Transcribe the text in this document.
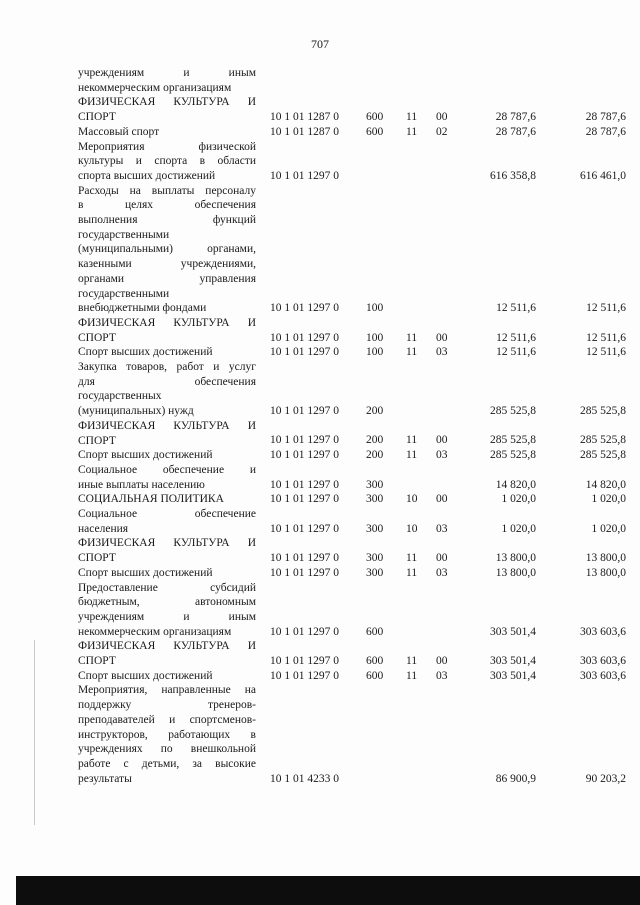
707
учреждениям и иным
некоммерческим организациям
ФИЗИЧЕСКАЯ КУЛЬТУРА И
СПОРТ	10 1 01 1287 0 600 11 00	28 787,6	28 787,6
Массовый спорт	10 1 01 1287 0 600 11 02	28 787,6	28 787,6
Мероприятия физической
культуры и спорта в области
спорта высших достижений	10 1 01 1297 0	616 358,8	616 461,0
Расходы на выплаты персоналу
в целях обеспечения
выполнения функций
государственными
(муниципальными) органами,
казенными учреждениями,
органами управления
государственными
внебюджетными фондами	10 1 01 1297 0 100	12 511,6	12 511,6
ФИЗИЧЕСКАЯ КУЛЬТУРА И
СПОРТ	10 1 01 1297 0 100 11 00	12 511,6	12 511,6
Спорт высших достижений	10 1 01 1297 0 100 11 03	12 511,6	12 511,6
Закупка товаров, работ и услуг
для обеспечения
государственных
(муниципальных) нужд	10 1 01 1297 0 200	285 525,8	285 525,8
ФИЗИЧЕСКАЯ КУЛЬТУРА И
СПОРТ	10 1 01 1297 0 200 11 00	285 525,8	285 525,8
Спорт высших достижений	10 1 01 1297 0 200 11 03	285 525,8	285 525,8
Социальное обеспечение и
иные выплаты населению	10 1 01 1297 0 300	14 820,0	14 820,0
СОЦИАЛЬНАЯ ПОЛИТИКА	10 1 01 1297 0 300 10 00	1 020,0	1 020,0
Социальное обеспечение
населения	10 1 01 1297 0 300 10 03	1 020,0	1 020,0
ФИЗИЧЕСКАЯ КУЛЬТУРА И
СПОРТ	10 1 01 1297 0 300 11 00	13 800,0	13 800,0
Спорт высших достижений	10 1 01 1297 0 300 11 03	13 800,0	13 800,0
Предоставление субсидий
бюджетным, автономным
учреждениям и иным
некоммерческим организациям	10 1 01 1297 0 600	303 501,4	303 603,6
ФИЗИЧЕСКАЯ КУЛЬТУРА И
СПОРТ	10 1 01 1297 0 600 11 00	303 501,4	303 603,6
Спорт высших достижений	10 1 01 1297 0 600 11 03	303 501,4	303 603,6
Мероприятия, направленные на
поддержку тренеров-
преподавателей и спортсменов-
инструкторов, работающих в
учреждениях по внешкольной
работе с детьми, за высокие
результаты	10 1 01 4233 0	86 900,9	90 203,2
